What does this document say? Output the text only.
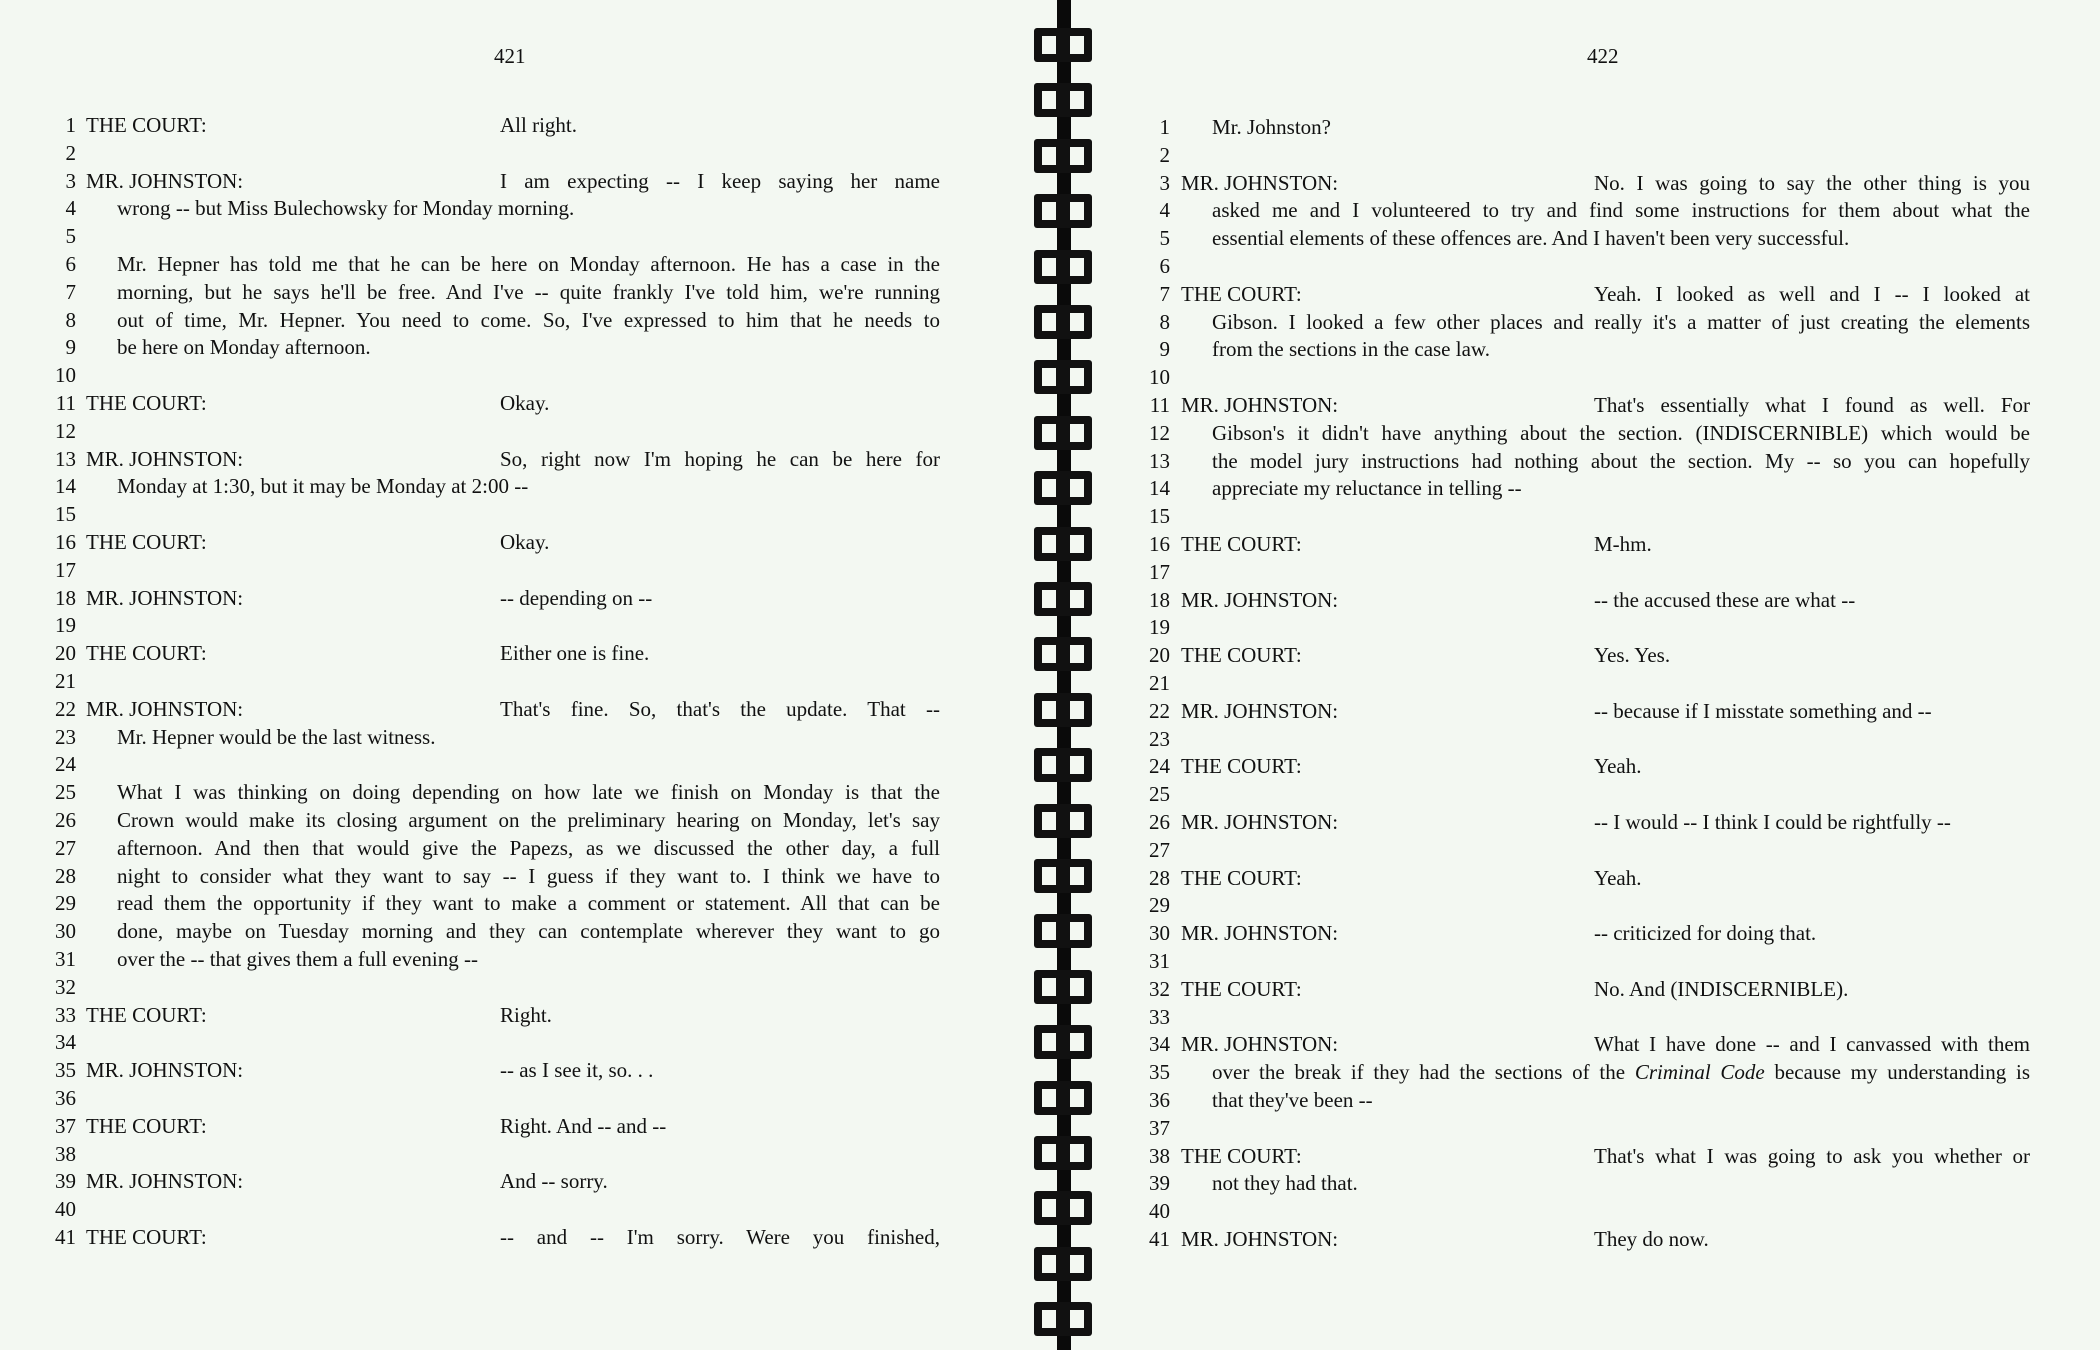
421
1 THE COURT:	All right.
2
3 MR. JOHNSTON:	I am expecting -- I keep saying her name
4 wrong -- but Miss Bulechowsky for Monday morning.
5
6 Mr. Hepner has told me that he can be here on Monday afternoon. He has a case in the
7 morning, but he says he'll be free. And I've -- quite frankly I've told him, we're running
8 out of time, Mr. Hepner. You need to come. So, I've expressed to him that he needs to
9 be here on Monday afternoon.
10
11 THE COURT:	Okay.
12
13 MR. JOHNSTON:	So, right now I'm hoping he can be here for
14 Monday at 1:30, but it may be Monday at 2:00 --
15
16 THE COURT:	Okay.
17
18 MR. JOHNSTON:	-- depending on --
19
20 THE COURT:	Either one is fine.
21
22 MR. JOHNSTON:	That's fine. So, that's the update. That --
23 Mr. Hepner would be the last witness.
24
25 What I was thinking on doing depending on how late we finish on Monday is that the
26 Crown would make its closing argument on the preliminary hearing on Monday, let's say
27 afternoon. And then that would give the Papezs, as we discussed the other day, a full
28 night to consider what they want to say -- I guess if they want to. I think we have to
29 read them the opportunity if they want to make a comment or statement. All that can be
30 done, maybe on Tuesday morning and they can contemplate wherever they want to go
31 over the -- that gives them a full evening --
32
33 THE COURT:	Right.
34
35 MR. JOHNSTON:	-- as I see it, so. . .
36
37 THE COURT:	Right. And -- and --
38
39 MR. JOHNSTON:	And -- sorry.
40
41 THE COURT:	-- and -- I'm sorry. Were you finished,
422
1 Mr. Johnston?
2
3 MR. JOHNSTON:	No. I was going to say the other thing is you
4 asked me and I volunteered to try and find some instructions for them about what the
5 essential elements of these offences are. And I haven't been very successful.
6
7 THE COURT:	Yeah. I looked as well and I -- I looked at
8 Gibson. I looked a few other places and really it's a matter of just creating the elements
9 from the sections in the case law.
10
11 MR. JOHNSTON:	That's essentially what I found as well. For
12 Gibson's it didn't have anything about the section. (INDISCERNIBLE) which would be
13 the model jury instructions had nothing about the section. My -- so you can hopefully
14 appreciate my reluctance in telling --
15
16 THE COURT:	M-hm.
17
18 MR. JOHNSTON:	-- the accused these are what --
19
20 THE COURT:	Yes. Yes.
21
22 MR. JOHNSTON:	-- because if I misstate something and --
23
24 THE COURT:	Yeah.
25
26 MR. JOHNSTON:	-- I would -- I think I could be rightfully --
27
28 THE COURT:	Yeah.
29
30 MR. JOHNSTON:	-- criticized for doing that.
31
32 THE COURT:	No. And (INDISCERNIBLE).
33
34 MR. JOHNSTON:	What I have done -- and I canvassed with them
35 over the break if they had the sections of the Criminal Code because my understanding is
36 that they've been --
37
38 THE COURT:	That's what I was going to ask you whether or
39 not they had that.
40
41 MR. JOHNSTON:	They do now.
